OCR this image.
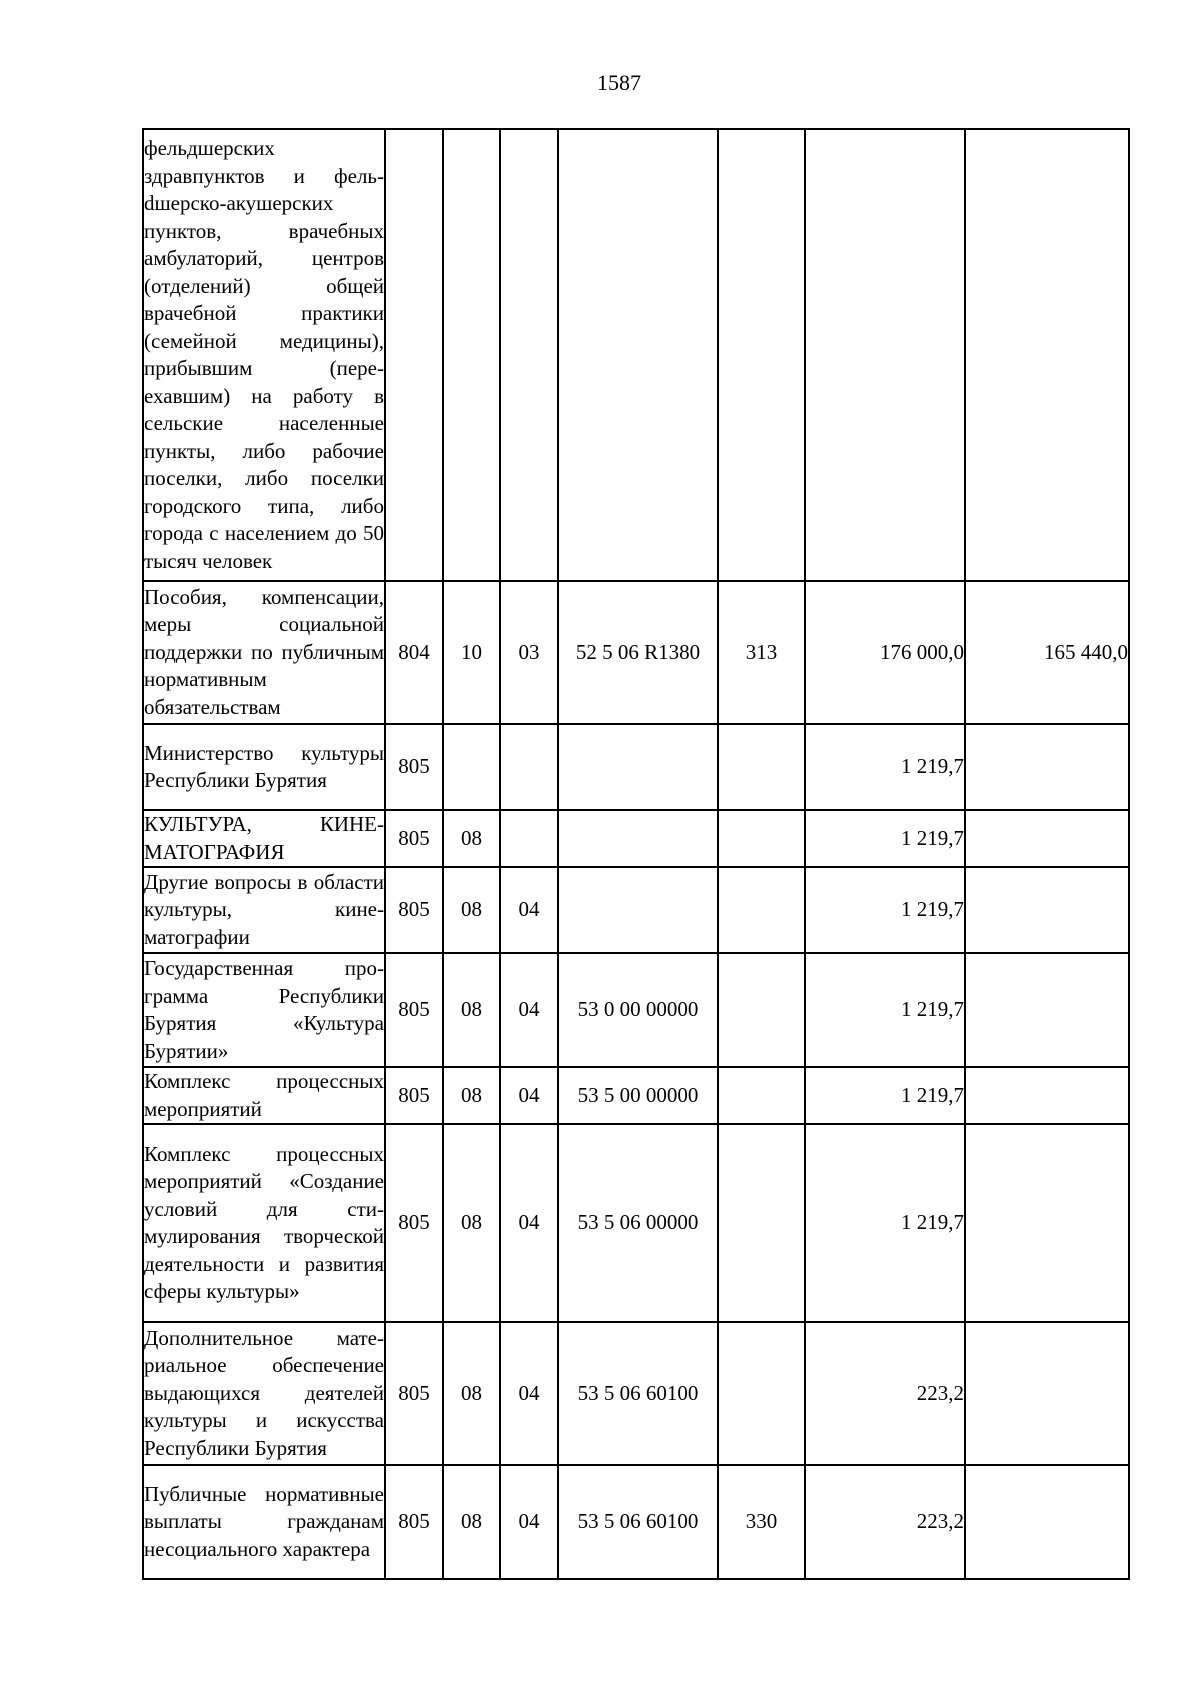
1587
фельдшерских здравпунктов и фельdшерско-акушерских пунктов, врачебных амбулаторий, центров (отделений) общей врачебной практики (семейной медицины), прибывшим (переехавшим) на работу в сельские населенные пункты, либо рабочие поселки, либо поселки городского типа, либо города с населением до 50 тысяч человек							
Пособия, компенсации, меры социальной поддержки по публичным нормативным обязательствам	804	10	03	52 5 06 R1380	313	176 000,0	165 440,0
Министерство культуры Республики Бурятия	805					1 219,7	
КУЛЬТУРА, КИНЕМАТОГРАФИЯ	805	08				1 219,7	
Другие вопросы в области культуры, кинематографии	805	08	04			1 219,7	
Государственная программа Республики Бурятия «Культура Бурятии»	805	08	04	53 0 00 00000		1 219,7	
Комплекс процессных мероприятий	805	08	04	53 5 00 00000		1 219,7	
Комплекс процессных мероприятий «Создание условий для стимулирования творческой деятельности и развития сферы культуры»	805	08	04	53 5 06 00000		1 219,7	
Дополнительное материальное обеспечение выдающихся деятелей культуры и искусства Республики Бурятия	805	08	04	53 5 06 60100		223,2	
Публичные нормативные выплаты гражданам несоциального характера	805	08	04	53 5 06 60100	330	223,2	
